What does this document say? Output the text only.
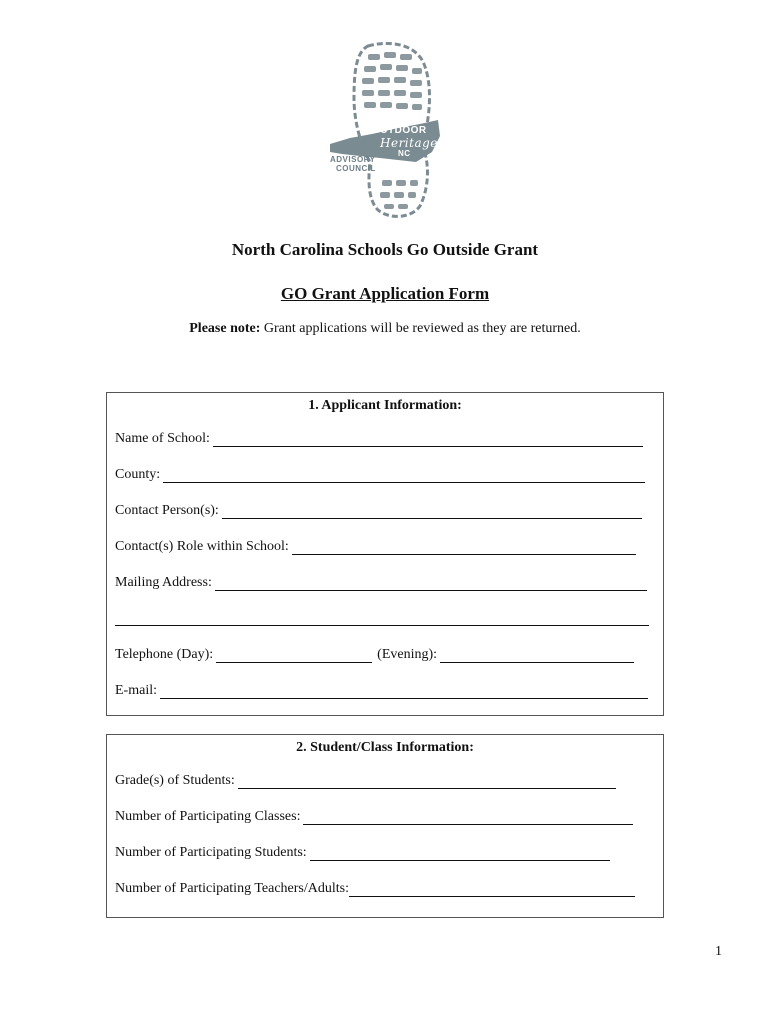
OUTDOOR
Heritage
NC
ADVISORY
COUNCIL
North Carolina Schools Go Outside Grant
GO Grant Application Form
Please note: Grant applications will be reviewed as they are returned.
1. Applicant Information:
Name of School:
County:
Contact Person(s):
Contact(s) Role within School:
Mailing Address:
Telephone (Day):	(Evening):
E-mail:
2. Student/Class Information:
Grade(s) of Students:
Number of Participating Classes:
Number of Participating Students:
Number of Participating Teachers/Adults:
1
